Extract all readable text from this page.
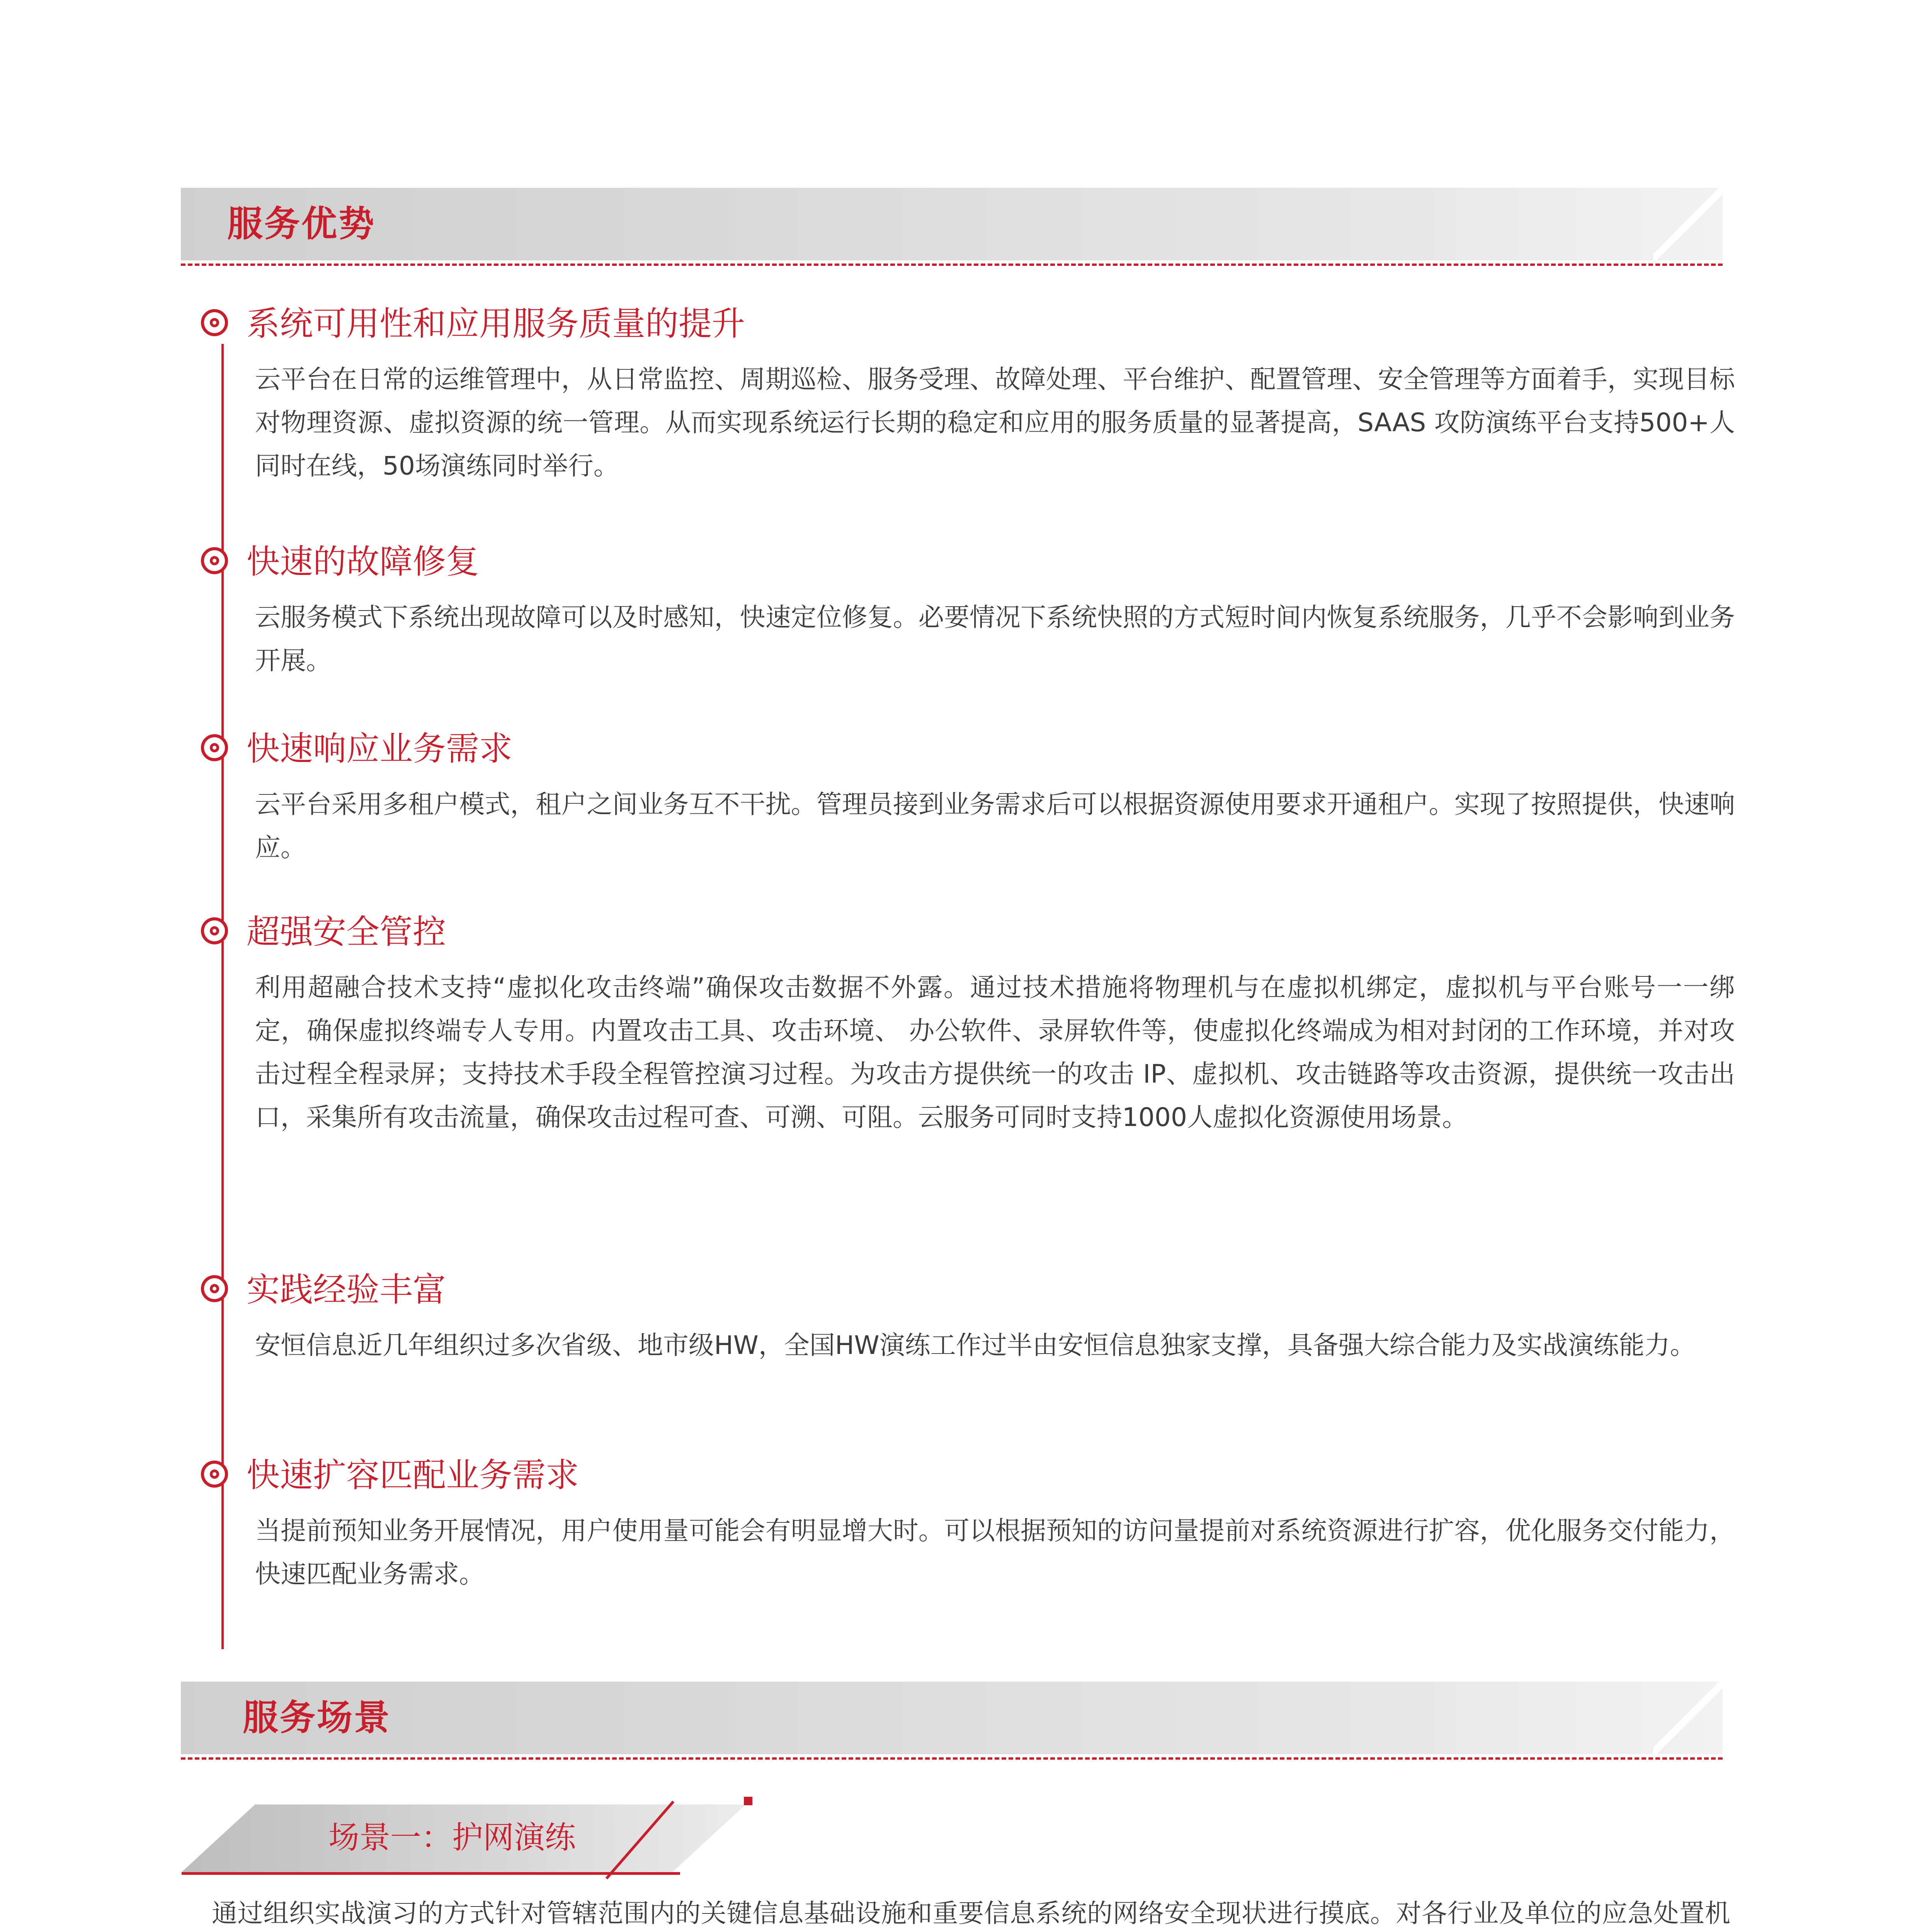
服务优势
系统可用性和应用服务质量的提升
云平台在日常的运维管理中，从日常监控、周期巡检、服务受理、故障处理、平台维护、配置管理、安全管理等方面着手，实现目标对物理资源、虚拟资源的统一管理。从而实现系统运行长期的稳定和应用的服务质量的显著提高，SAAS 攻防演练平台支持500+人同时在线，50场演练同时举行。
快速的故障修复
云服务模式下系统出现故障可以及时感知，快速定位修复。必要情况下系统快照的方式短时间内恢复系统服务，几乎不会影响到业务开展。
快速响应业务需求
云平台采用多租户模式，租户之间业务互不干扰。管理员接到业务需求后可以根据资源使用要求开通租户。实现了按照提供，快速响应。
超强安全管控
利用超融合技术支持“虚拟化攻击终端”确保攻击数据不外露。通过技术措施将物理机与在虚拟机绑定，虚拟机与平台账号一一绑定，确保虚拟终端专人专用。内置攻击工具、攻击环境、 办公软件、录屏软件等，使虚拟化终端成为相对封闭的工作环境，并对攻击过程全程录屏；支持技术手段全程管控演习过程。为攻击方提供统一的攻击 IP、虚拟机、攻击链路等攻击资源，提供统一攻击出口，采集所有攻击流量，确保攻击过程可查、可溯、可阻。云服务可同时支持1000人虚拟化资源使用场景。
实践经验丰富
安恒信息近几年组织过多次省级、地市级HW，全国HW演练工作过半由安恒信息独家支撑，具备强大综合能力及实战演练能力。
快速扩容匹配业务需求
当提前预知业务开展情况，用户使用量可能会有明显增大时。可以根据预知的访问量提前对系统资源进行扩容，优化服务交付能力，快速匹配业务需求。
服务场景
场景一：护网演练
通过组织实战演习的方式针对管辖范围内的关键信息基础设施和重要信息系统的网络安全现状进行摸底。对各行业及单位的应急处置机
